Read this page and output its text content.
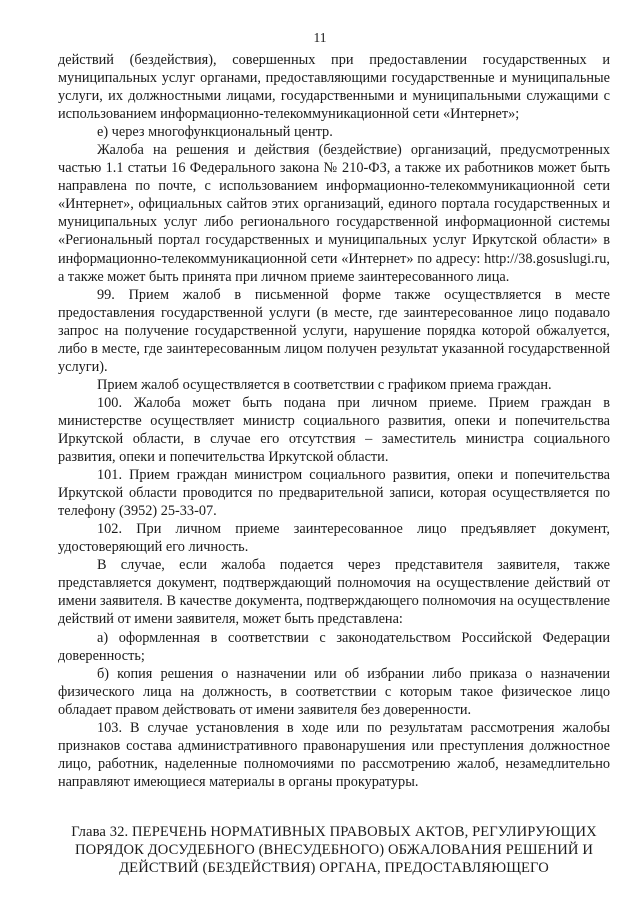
11

действий (бездействия), совершенных при предоставлении государственных и муниципальных услуг органами, предоставляющими государственные и муниципальные услуги, их должностными лицами, государственными и муниципальными служащими с использованием информационно-телекоммуникационной сети «Интернет»;

е) через многофункциональный центр.

Жалоба на решения и действия (бездействие) организаций, предусмотренных частью 1.1 статьи 16 Федерального закона № 210-ФЗ, а также их работников может быть направлена по почте, с использованием информационно-телекоммуникационной сети «Интернет», официальных сайтов этих организаций, единого портала государственных и муниципальных услуг либо регионального государственной информационной системы «Региональный портал государственных и муниципальных услуг Иркутской области» в информационно-телекоммуникационной сети «Интернет» по адресу: http://38.gosuslugi.ru, а также может быть принята при личном приеме заинтересованного лица.

99. Прием жалоб в письменной форме также осуществляется в месте предоставления государственной услуги (в месте, где заинтересованное лицо подавало запрос на получение государственной услуги, нарушение порядка которой обжалуется, либо в месте, где заинтересованным лицом получен результат указанной государственной услуги).

Прием жалоб осуществляется в соответствии с графиком приема граждан.

100. Жалоба может быть подана при личном приеме. Прием граждан в министерстве осуществляет министр социального развития, опеки и попечительства Иркутской области, в случае его отсутствия – заместитель министра социального развития, опеки и попечительства Иркутской области.

101. Прием граждан министром социального развития, опеки и попечительства Иркутской области проводится по предварительной записи, которая осуществляется по телефону (3952) 25-33-07.

102. При личном приеме заинтересованное лицо предъявляет документ, удостоверяющий его личность.

В случае, если жалоба подается через представителя заявителя, также представляется документ, подтверждающий полномочия на осуществление действий от имени заявителя. В качестве документа, подтверждающего полномочия на осуществление действий от имени заявителя, может быть представлена:

а) оформленная в соответствии с законодательством Российской Федерации доверенность;

б) копия решения о назначении или об избрании либо приказа о назначении физического лица на должность, в соответствии с которым такое физическое лицо обладает правом действовать от имени заявителя без доверенности.

103. В случае установления в ходе или по результатам рассмотрения жалобы признаков состава административного правонарушения или преступления должностное лицо, работник, наделенные полномочиями по рассмотрению жалоб, незамедлительно направляют имеющиеся материалы в органы прокуратуры.

Глава 32. ПЕРЕЧЕНЬ НОРМАТИВНЫХ ПРАВОВЫХ АКТОВ, РЕГУЛИРУЮЩИХ ПОРЯДОК ДОСУДЕБНОГО (ВНЕСУДЕБНОГО) ОБЖАЛОВАНИЯ РЕШЕНИЙ И ДЕЙСТВИЙ (БЕЗДЕЙСТВИЯ) ОРГАНА, ПРЕДОСТАВЛЯЮЩЕГО
